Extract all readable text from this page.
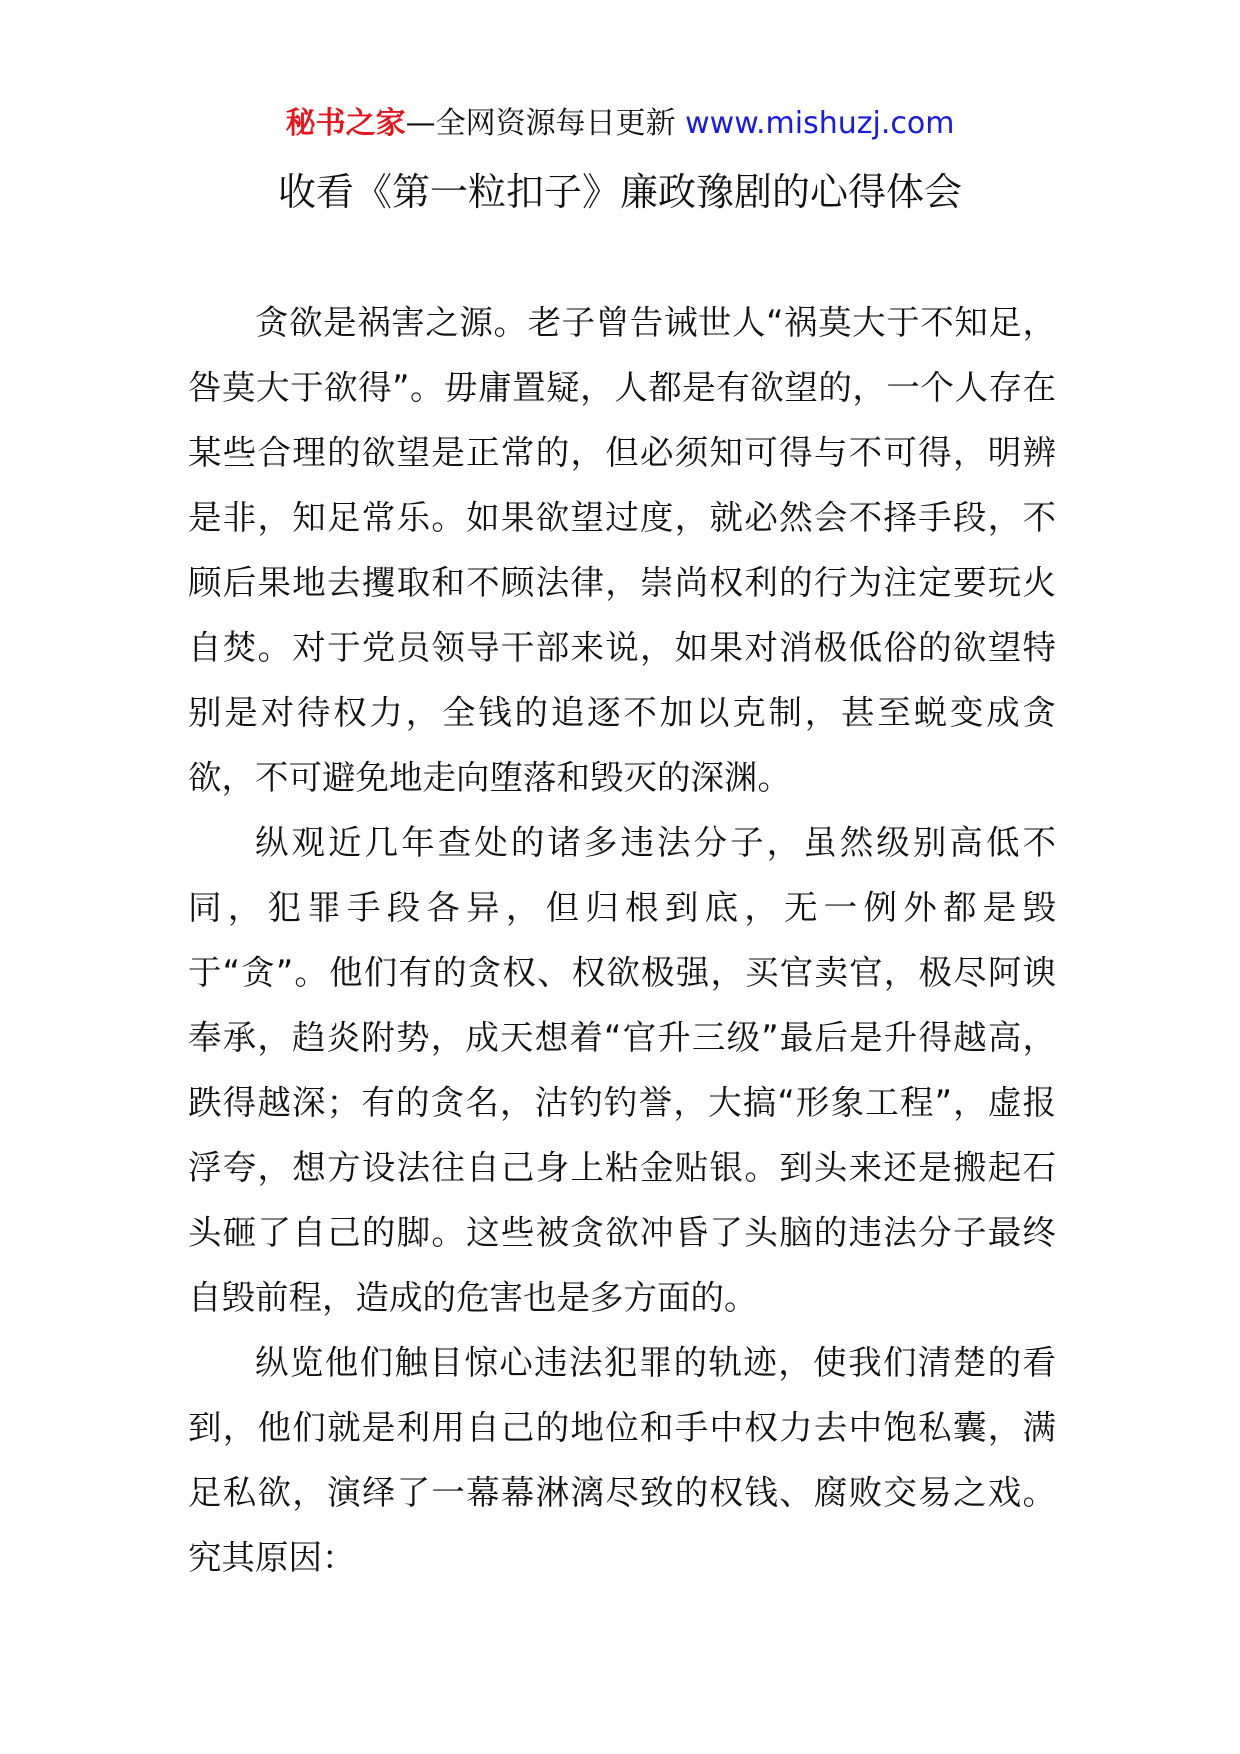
秘书之家—全网资源每日更新 www.mishuzj.com
收看《第一粒扣子》廉政豫剧的心得体会

贪欲是祸害之源。老子曾告诫世人“祸莫大于不知足，咎莫大于欲得”。毋庸置疑，人都是有欲望的，一个人存在某些合理的欲望是正常的，但必须知可得与不可得，明辨是非，知足常乐。如果欲望过度，就必然会不择手段，不顾后果地去攫取和不顾法律，崇尚权利的行为注定要玩火自焚。对于党员领导干部来说，如果对消极低俗的欲望特别是对待权力，全钱的追逐不加以克制，甚至蜕变成贪欲，不可避免地走向堕落和毁灭的深渊。

纵观近几年查处的诸多违法分子，虽然级别高低不同，犯罪手段各异，但归根到底，无一例外都是毁于“贪”。他们有的贪权、权欲极强，买官卖官，极尽阿谀奉承，趋炎附势，成天想着“官升三级”最后是升得越高，跌得越深；有的贪名，沽钓钓誉，大搞“形象工程”，虚报浮夸，想方设法往自己身上粘金贴银。到头来还是搬起石头砸了自己的脚。这些被贪欲冲昏了头脑的违法分子最终自毁前程，造成的危害也是多方面的。

纵览他们触目惊心违法犯罪的轨迹，使我们清楚的看到，他们就是利用自己的地位和手中权力去中饱私囊，满足私欲，演绎了一幕幕淋漓尽致的权钱、腐败交易之戏。究其原因：
